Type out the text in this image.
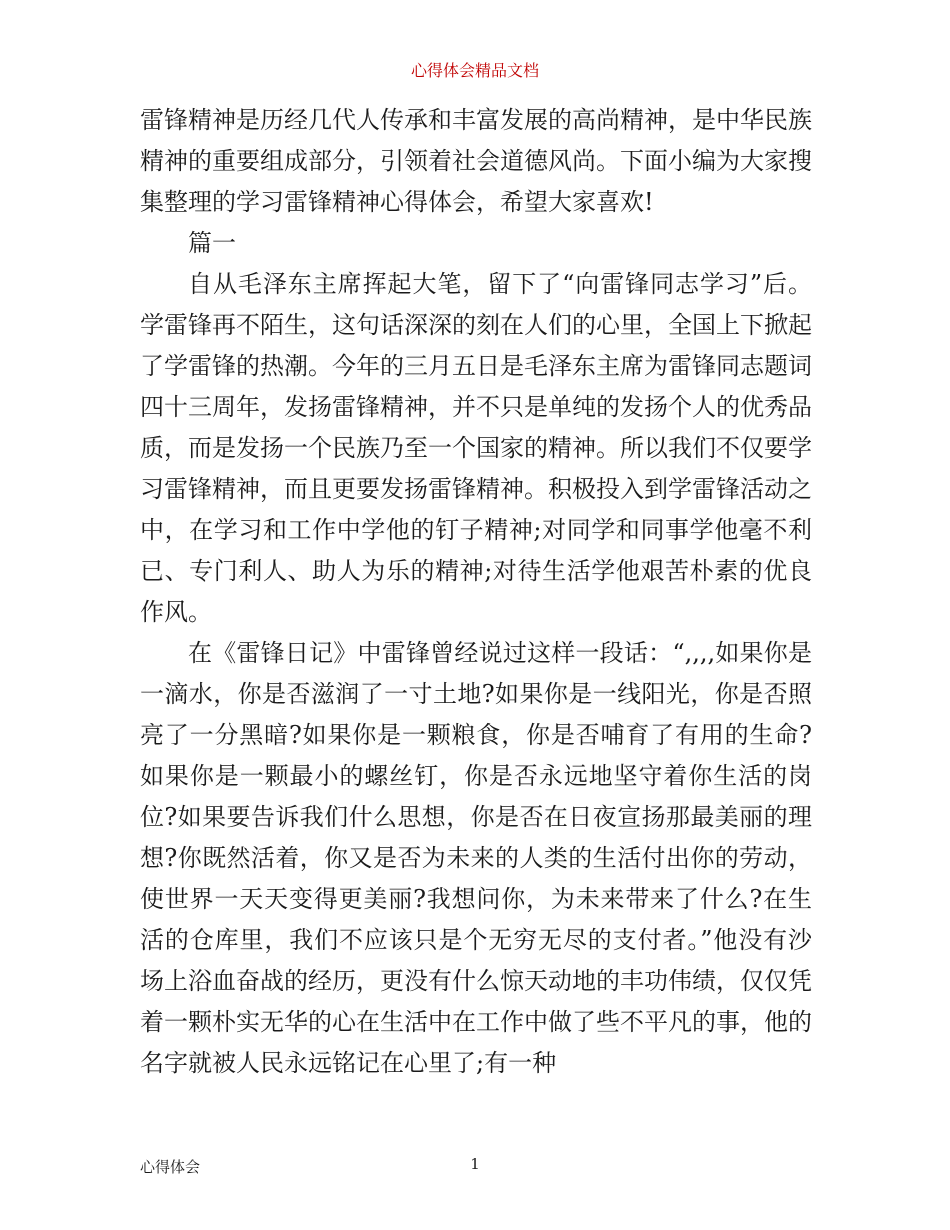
心得体会精品文档

雷锋精神是历经几代人传承和丰富发展的高尚精神，是中华民族精神的重要组成部分，引领着社会道德风尚。下面小编为大家搜集整理的学习雷锋精神心得体会，希望大家喜欢!

篇一

自从毛泽东主席挥起大笔，留下了“向雷锋同志学习”后。学雷锋再不陌生，这句话深深的刻在人们的心里，全国上下掀起了学雷锋的热潮。今年的三月五日是毛泽东主席为雷锋同志题词四十三周年，发扬雷锋精神，并不只是单纯的发扬个人的优秀品质，而是发扬一个民族乃至一个国家的精神。所以我们不仅要学习雷锋精神，而且更要发扬雷锋精神。积极投入到学雷锋活动之中，在学习和工作中学他的钉子精神;对同学和同事学他毫不利已、专门利人、助人为乐的精神;对待生活学他艰苦朴素的优良作风。

在《雷锋日记》中雷锋曾经说过这样一段话：“,,,,如果你是一滴水，你是否滋润了一寸土地?如果你是一线阳光，你是否照亮了一分黑暗?如果你是一颗粮食，你是否哺育了有用的生命?如果你是一颗最小的螺丝钉，你是否永远地坚守着你生活的岗位?如果要告诉我们什么思想，你是否在日夜宣扬那最美丽的理想?你既然活着，你又是否为未来的人类的生活付出你的劳动，使世界一天天变得更美丽?我想问你，为未来带来了什么?在生活的仓库里，我们不应该只是个无穷无尽的支付者。”他没有沙场上浴血奋战的经历，更没有什么惊天动地的丰功伟绩，仅仅凭着一颗朴实无华的心在生活中在工作中做了些不平凡的事，他的名字就被人民永远铭记在心里了;有一种

心得体会	1
